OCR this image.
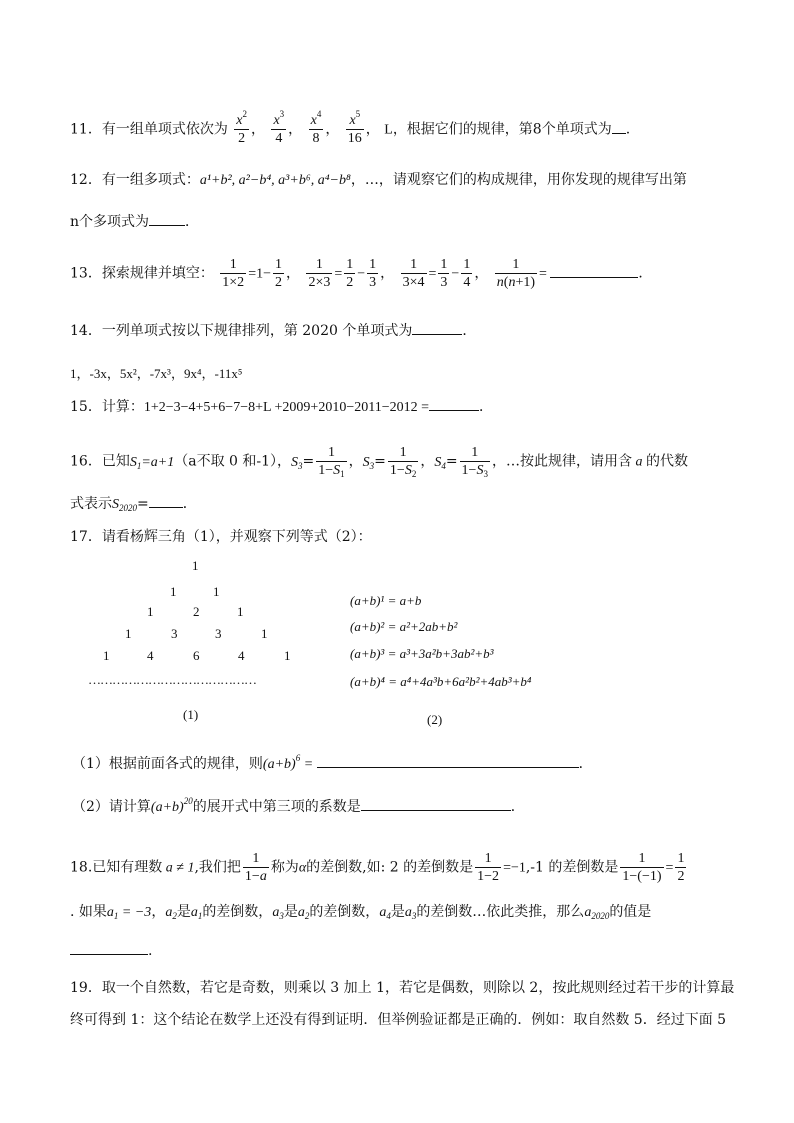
11．有一组单项式依次为 $\frac{x^2}{2}$ ， $\frac{x^3}{4}$ ， $\frac{x^4}{8}$ ， $\frac{x^5}{16}$ ， L，根据它们的规律，第8个单项式为 .
12．有一组多项式：a¹+b², a²−b⁴, a³+b⁶, a⁴−b⁸，…，请观察它们的构成规律，用你发现的规律写出第
n个多项式为	．
13．探索规律并填空： $\frac{1}{1\times 2} =1- \frac{1}{2}$ ， $\frac{1}{2\times 3} = \frac{1}{2} - \frac{1}{3}$ ， $\frac{1}{3\times 4} = \frac{1}{3} - \frac{1}{4}$ ， $\frac{1}{n(n+1)}$ =	．
14．一列单项式按以下规律排列，第 2020 个单项式为	．
1，-3x，5x²，-7x³，9x⁴，-11x⁵
15．计算：1+2−3−4+5+6−7−8+L +2009+2010−2011−2012 =	．
16．已知$S_1=a+1(a$不取 0 和-1），$S_3= \frac{1}{1-S_1}$ ，$S_3= \frac{1}{1-S_2}$ ，$S_4= \frac{1}{1-S_3}$ ，…按此规律，请用含 a 的代数
式表示$S_{2020}=$ ．
17．请看杨辉三角（1），并观察下列等式（2）：
1
1	1
1	2	1
1	3	3	1
1	4	6	4	1
……………………………………
(1)
(a+b)¹ = a+b
(a+b)² = a²+2ab+b²
(a+b)³ = a³+3a²b+3ab²+b³
(a+b)⁴ = a⁴+4a³b+6a²b²+4ab³+b⁴
(2)
（1）根据前面各式的规律，则$(a+b)^6$ =	．
（2）请计算$(a+b)^{20}$的展开式中第三项的系数是	．
18.已知有理数 a ≠ 1,我们把 $\frac{1}{1-a}$ 称为α的差倒数,如: 2 的差倒数是 $\frac{1}{1-2} =-1,-1$ 的差倒数是 $\frac{1}{1-(-1)} = \frac{1}{2}$
. 如果$a_1 = -3$，$a_2$是$a_1$的差倒数，$a_3$是$a_2$的差倒数，$a_4$是$a_3$的差倒数…依此类推，那么$a_{2020}$的值是
.
19．取一个自然数，若它是奇数，则乘以 3 加上 1，若它是偶数，则除以 2，按此规则经过若干步的计算最
终可得到 1：这个结论在数学上还没有得到证明．但举例验证都是正确的．例如：取自然数 5．经过下面 5
